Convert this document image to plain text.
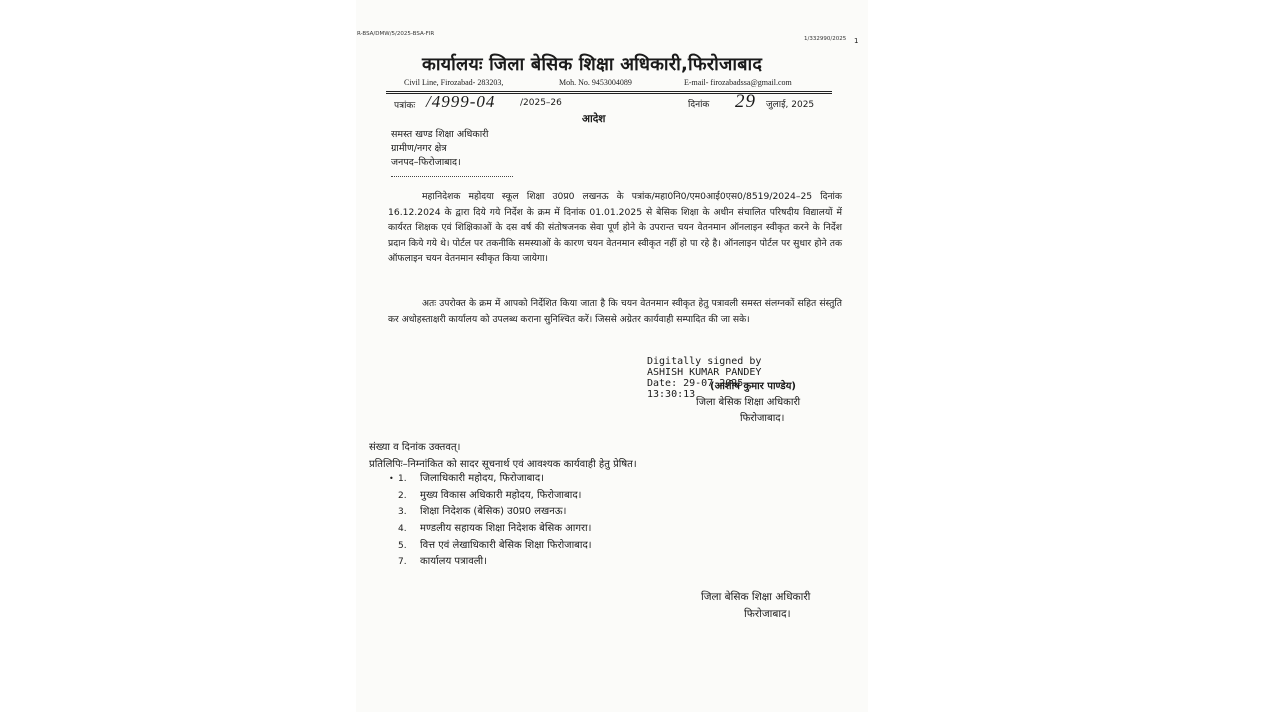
R-BSA/DMW/5/2025-BSA-FIR
1/332990/2025 1
कार्यालयः जिला बेसिक शिक्षा अधिकारी,फिरोजाबाद
Civil Line, Firozabad- 283203,	Moh. No. 9453004089	E-mail- firozabadssa@gmail.com
पत्रांकः /4999-04	/2025–26	दिनांक 29 जुलाई, 2025
आदेश
समस्त खण्ड शिक्षा अधिकारी
ग्रामीण/नगर क्षेत्र
जनपद–फिरोजाबाद।
महानिदेशक महोदया स्कूल शिक्षा उ0प्र0 लखनऊ के पत्रांक/महा0नि0/एम0आई0एस0/8519/2024–25 दिनांक 16.12.2024 के द्वारा दिये गये निर्देश के क्रम में दिनांक 01.01.2025 से बेसिक शिक्षा के अधीन संचालित परिषदीय विद्यालयों में कार्यरत शिक्षक एवं शिक्षिकाओं के दस वर्ष की संतोषजनक सेवा पूर्ण होने के उपरान्त चयन वेतनमान ऑनलाइन स्वीकृत करने के निर्देश प्रदान किये गये थे। पोर्टल पर तकनीकि समस्याओं के कारण चयन वेतनमान स्वीकृत नहीं हो पा रहे है। ऑनलाइन पोर्टल पर सुधार होने तक ऑफलाइन चयन वेतनमान स्वीकृत किया जायेगा।
अतः उपरोक्त के क्रम में आपको निर्देशित किया जाता है कि चयन वेतनमान स्वीकृत हेतु पत्रावली समस्त संलग्नकों सहित संस्तुति कर अधोहस्ताक्षरी कार्यालय को उपलब्ध कराना सुनिश्चित करें। जिससे अग्रेतर कार्यवाही सम्पादित की जा सके।
Digitally signed by
ASHISH KUMAR PANDEY
Date: 29-07-2025
13:30:13
(आशीष कुमार पाण्डेय)
जिला बेसिक शिक्षा अधिकारी
फिरोजाबाद।
संख्या व दिनांक उक्तवत्।
प्रतिलिपिः–निम्नांकित को सादर सूचनार्थ एवं आवश्यक कार्यवाही हेतु प्रेषित।
• 1. जिलाधिकारी महोदय, फिरोजाबाद।
2. मुख्य विकास अधिकारी महोदय, फिरोजाबाद।
3. शिक्षा निदेशक (बेसिक) उ0प्र0 लखनऊ।
4. मण्डलीय सहायक शिक्षा निदेशक बेसिक आगरा।
5. वित्त एवं लेखाधिकारी बेसिक शिक्षा फिरोजाबाद।
7. कार्यालय पत्रावली।
जिला बेसिक शिक्षा अधिकारी
फिरोजाबाद।
